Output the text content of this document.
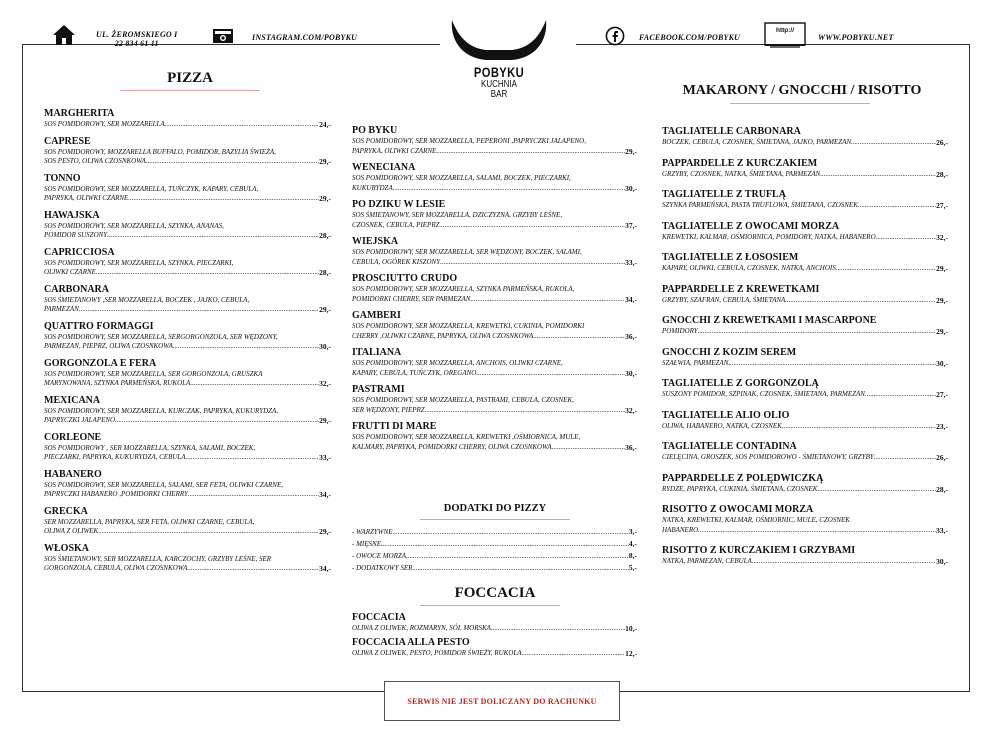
UL. ŻEROMSKIEGO I
22 834 61 11
INSTAGRAM.COM/POBYKU	FACEBOOK.COM/POBYKU
http://
WWW.POBYKU.NET
POBYKU
KUCHNIA
BAR
PIZZA
MAKARONY / GNOCCHI / RISOTTO
MARGHERITA
SOS POMIDOROWY, SER MOZZARELLA .....	24,-
CAPRESE
SOS POMIDOROWY, MOZZARELLA BUFFALO, POMIDOR, BAZYLIA ŚWIEŻA,
SOS PESTO, OLIWA CZOSNKOWA .....	29,-
TONNO
SOS POMIDOROWY, SER MOZZARELLA, TUŃCZYK, KAPARY, CEBULA,
PAPRYKA, OLIWKI CZARNE .....	29,-
HAWAJSKA
SOS POMIDOROWY, SER MOZZARELLA, SZYNKA, ANANAS,
POMIDOR SUSZONY .....	28,-
CAPRICCIOSA
SOS POMIDOROWY, SER MOZZARELLA, SZYNKA, PIECZARKI,
OLIWKI CZARNE .....	28,-
CARBONARA
SOS ŚMIETANOWY ,SER MOZZARELLA, BOCZEK , JAJKO, CEBULA,
PARMEZAN .....	29,-
QUATTRO FORMAGGI
SOS POMIDOROWY, SER MOZZARELLA, SERGORGONZOLA, SER WĘDZONY,
PARMEZAN, PIEPRZ, OLIWA CZOSNKOWA .....	30,-
GORGONZOLA E FERA
SOS POMIDOROWY, SER MOZZARELLA, SER GORGONZOLA, GRUSZKA
MARYNOWANA, SZYNKA PARMEŃSKA, RUKOLA .....	32,-
MEXICANA
SOS POMIDOROWY, SER MOZZARELLA, KURCZAK, PAPRYKA, KUKURYDZA,
PAPRYCZKI JALAPENO .....	29,-
CORLEONE
SOS POMIDOROWY , SER MOZZARELLA, SZYNKA, SALAMI, BOCZEK,
PIECZARKI, PAPRYKA, KUKURYDZA, CEBULA .....	33,-
HABANERO
SOS POMIDOROWY, SER MOZZARELLA, SALAMI, SER FETA, OLIWKI CZARNE,
PAPRYCZKI HABANERO ,POMIDORKI CHERRY .....	34,-
GRECKA
SER MOZZARELLA, PAPRYKA, SER FETA, OLIWKI CZARNE, CEBULA,
OLIWA Z OLIWEK .....	29,-
WŁOSKA
SOS ŚMIETANOWY, SER MOZZARELLA, KARCZOCHY, GRZYBY LEŚNE, SER
GORGONZOLA, CEBULA, OLIWA CZOSNKOWA .....	34,-
PO BYKU
SOS POMIDOROWY, SER MOZZARELLA, PEPERONI ,PAPRYCZKI JALAPENO,
PAPRYKA, OLIWKI CZARNE .....	29,-
WENECIANA
SOS POMIDOROWY, SER MOZZARELLA, SALAMI, BOCZEK, PIECZARKI,
KUKURYDZA .....	30,-
PO DZIKU W LESIE
SOS ŚMIETANOWY, SER MOZZARELLA, DZICZYZNA, GRZYBY LEŚNE,
CZOSNEK, CEBULA, PIEPRZ .....	37,-
WIEJSKA
SOS POMIDOROWY, SER MOZZARELLA, SER WĘDZONY, BOCZEK, SALAMI,
CEBULA, OGÓREK KISZONY .....	33,-
PROSCIUTTO CRUDO
SOS POMIDOROWY, SER MOZZARELLA, SZYNKA PARMEŃSKA, RUKOLA,
POMIDORKI CHERRY, SER PARMEZAN .....	34,-
GAMBERI
SOS POMIDOROWY, SER MOZZARELLA, KREWETKI, CUKINIA, POMIDORKI
CHERRY ,OLIWKI CZARNE, PAPRYKA, OLIWA CZOSNKOWA .....	36,-
ITALIANA
SOS POMIDOROWY, SER MOZZARELLA, ANCHOIS, OLIWKI CZARNE,
KAPARY, CEBULA, TUŃCZYK, OREGANO .....	30,-
PASTRAMI
SOS POMIDOROWY, SER MOZZARELLA, PASTRAMI, CEBULA, CZOSNEK,
SER WĘDZONY, PIEPRZ .....	32,-
FRUTTI DI MARE
SOS POMIDOROWY, SER MOZZARELLA, KREWETKI ,OŚMIORNICA, MULE,
KALMARY, PAPRYKA, POMIDORKI CHERRY, OLIWA CZOSNKOWA .....	36,-
DODATKI DO PIZZY
- WARZYWNE .....	3,-
- MIĘSNE .....	4,-
- OWOCE MORZA .....	8,-
- DODATKOWY SER .....	5,-
FOCCACIA
FOCCACIA
OLIWA Z OLIWEK, ROZMARYN, SÓL MORSKA .....	10,-
FOCCACIA ALLA PESTO
OLIWA Z OLIWEK, PESTO, POMIDOR ŚWIEŻY, RUKOLA .....	12,-
TAGLIATELLE CARBONARA
BOCZEK, CEBULA, CZOSNEK, ŚMIETANA, JAJKO, PARMEZAN .....	26,-
PAPPARDELLE Z KURCZAKIEM
GRZYBY, CZOSNEK, NATKA, ŚMIETANA, PARMEZAN .....	28,-
TAGLIATELLE Z TRUFLĄ
SZYNKA PARMEŃSKA, PASTA TRUFLOWA, ŚMIETANA, CZOSNEK .....	27,-
TAGLIATELLE Z OWOCAMI MORZA
KREWETKI, KALMAR, OŚMIORNICA, POMIDORY, NATKA, HABANERO .....	32,-
TAGLIATELLE Z ŁOSOSIEM
KAPARY, OLIWKI, CEBULA, CZOSNEK, NATKA, ANCHOIS .....	29,-
PAPPARDELLE Z KREWETKAMI
GRZYBY, SZAFRAN, CEBULA, ŚMIETANA .....	29,-
GNOCCHI Z KREWETKAMI I MASCARPONE
POMIDORY .....	29,-
GNOCCHI Z KOZIM SEREM
SZAŁWIA, PARMEZAN, .....	30,-
TAGLIATELLE Z GORGONZOLĄ
SUSZONY POMIDOR, SZPINAK, CZOSNEK, ŚMIETANA, PARMEZAN .....	27,-
TAGLIATELLE ALIO OLIO
OLIWA, HABANERO, NATKA, CZOSNEK .....	23,-
TAGLIATELLE CONTADINA
CIELĘCINA, GROSZEK, SOS POMIDOROWO - ŚMIETANOWY, GRZYBY .....	26,-
PAPPARDELLE Z POLĘDWICZKĄ
RYDZE, PAPRYKA, CUKINIA, ŚMIETANA, CZOSNEK .....	28,-
RISOTTO Z OWOCAMI MORZA
NATKA, KREWETKI, KALMAR, OŚMIORNIC, MULE, CZOSNEK
HABANERO .....	33,-
RISOTTO Z KURCZAKIEM I GRZYBAMI
NATKA, PARMEZAN, CEBULA .....	30,-
SERWIS NIE JEST DOLICZANY DO RACHUNKU
